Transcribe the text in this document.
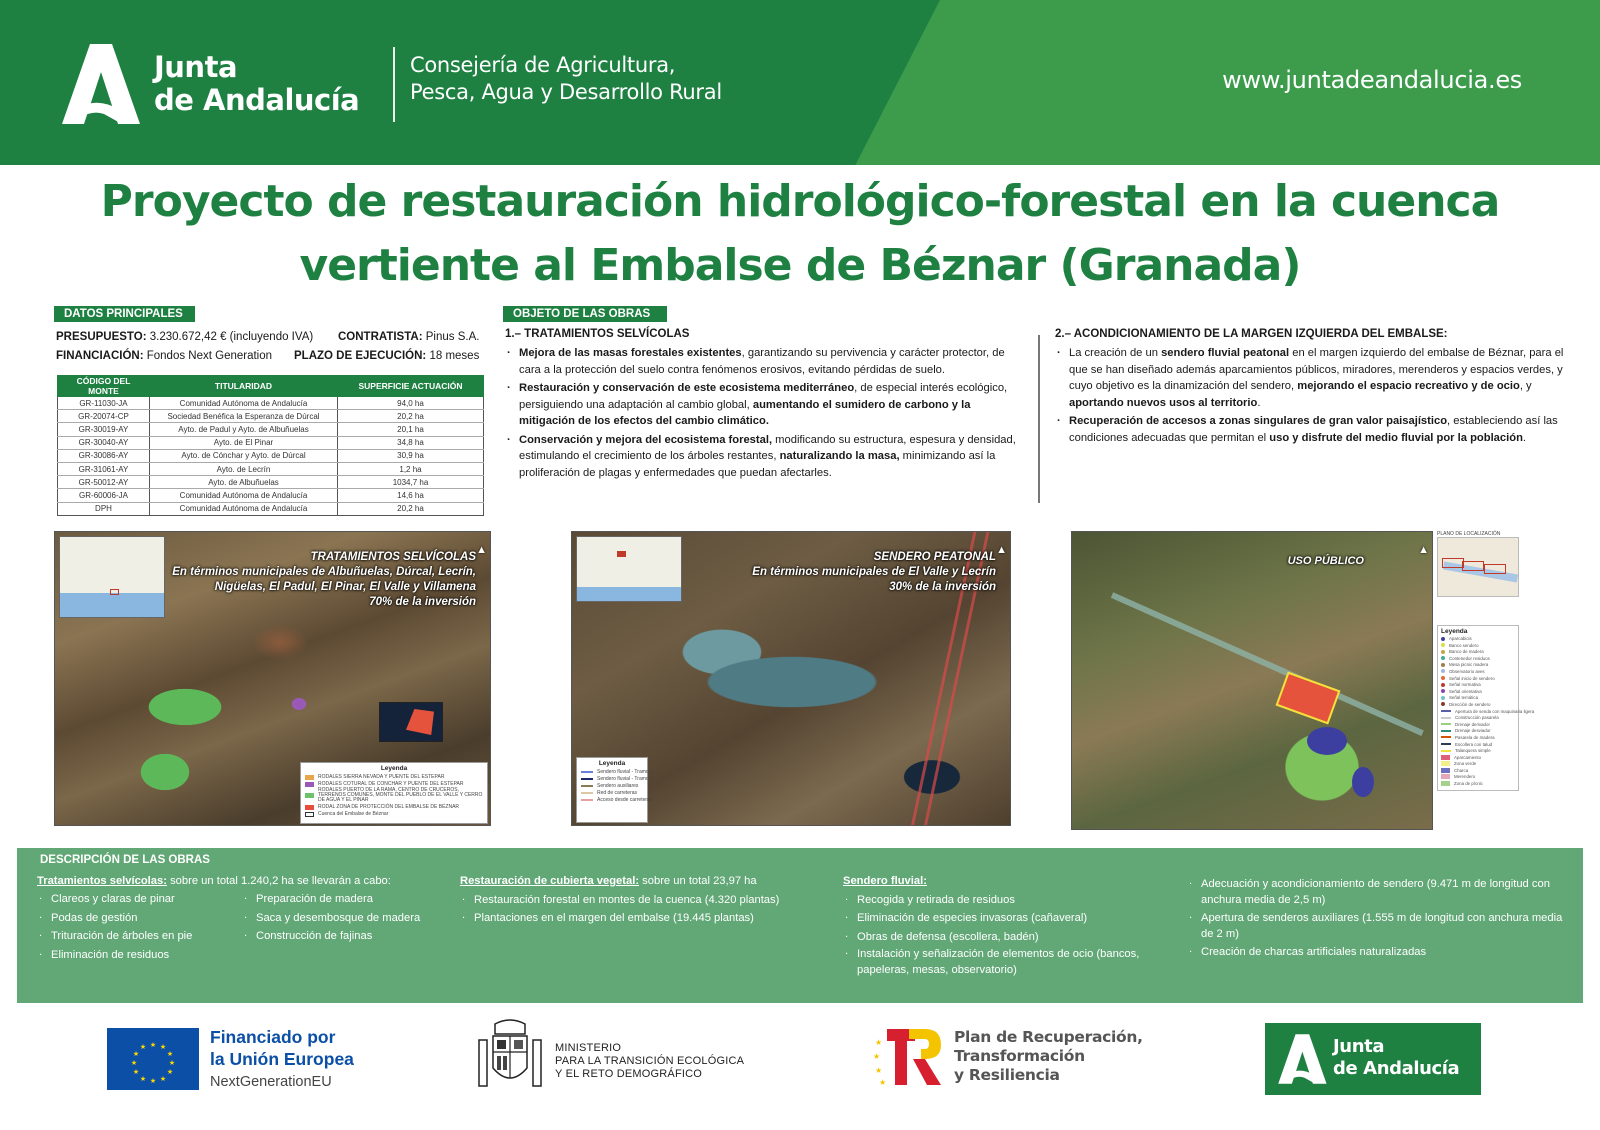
Junta
de Andalucía
Consejería de Agricultura,
Pesca, Agua y Desarrollo Rural	www.juntadeandalucia.es
Proyecto de restauración hidrológico-forestal en la cuenca
vertiente al Embalse de Béznar (Granada)
DATOS PRINCIPALES
PRESUPUESTO: 3.230.672,42 € (incluyendo IVA) CONTRATISTA: Pinus S.A.
FINANCIACIÓN: Fondos Next Generation PLAZO DE EJECUCIÓN: 18 meses
CÓDIGO DEL MONTE	TITULARIDAD	SUPERFICIE ACTUACIÓN
GR-11030-JA	Comunidad Autónoma de Andalucía	94,0 ha
GR-20074-CP	Sociedad Benéfica la Esperanza de Dúrcal	20,2 ha
GR-30019-AY	Ayto. de Padul y Ayto. de Albuñuelas	20,1 ha
GR-30040-AY	Ayto. de El Pinar	34,8 ha
GR-30086-AY	Ayto. de Cónchar y Ayto. de Dúrcal	30,9 ha
GR-31061-AY	Ayto. de Lecrín	1,2 ha
GR-50012-AY	Ayto. de Albuñuelas	1034,7 ha
GR-60006-JA	Comunidad Autónoma de Andalucía	14,6 ha
DPH	Comunidad Autónoma de Andalucía	20,2 ha
OBJETO DE LAS OBRAS
1.– TRATAMIENTOS SELVÍCOLAS
. Mejora de las masas forestales existentes, garantizando su pervivencia y carácter protector, de cara a la protección del suelo contra fenómenos erosivos, evitando pérdidas de suelo.
. Restauración y conservación de este ecosistema mediterráneo, de especial interés ecológico, persiguiendo una adaptación al cambio global, aumentando el sumidero de carbono y la mitigación de los efectos del cambio climático.
. Conservación y mejora del ecosistema forestal, modificando su estructura, espesura y densidad, estimulando el crecimiento de los árboles restantes, naturalizando la masa, minimizando así la proliferación de plagas y enfermedades que puedan afectarles.
2.– ACONDICIONAMIENTO DE LA MARGEN IZQUIERDA DEL EMBALSE:
. La creación de un sendero fluvial peatonal en el margen izquierdo del embalse de Béznar, para el que se han diseñado además aparcamientos públicos, miradores, merenderos y espacios verdes, y cuyo objetivo es la dinamización del sendero, mejorando el espacio recreativo y de ocio, y aportando nuevos usos al territorio.
. Recuperación de accesos a zonas singulares de gran valor paisajístico, estableciendo así las condiciones adecuadas que permitan el uso y disfrute del medio fluvial por la población.
▲
TRATAMIENTOS SELVÍCOLAS
En términos municipales de Albuñuelas, Dúrcal, Lecrín,
Nigüelas, El Padul, El Pinar, El Valle y Villamena
70% de la inversión
Leyenda
RODALES SIERRA NEVADA Y PUENTE DEL ESTEPAR
RODALES COTURAL DE CONCHAR Y PUENTE DEL ESTEPAR
RODALES PUERTO DE LA RAMA, CENTRO DE CRUCEROS, TERRENOS COMUNES, MONTE DEL PUEBLO DE EL VALLE Y CERRO DE AGUA Y EL PINAR
RODAL ZONA DE PROTECCIÓN DEL EMBALSE DE BÉZNAR
Cuenca del Embalse de Béznar
▲
SENDERO PEATONAL
En términos municipales de El Valle y Lecrín
30% de la inversión
Leyenda
Sendero fluvial - Tramo 1
Sendero fluvial - Tramo 2
Sendero auxiliares
Red de carreteras
Acceso desde carreteras
▲
USO PÚBLICO
PLANO DE LOCALIZACIÓN
Leyenda
Aparcabicis
Banco sendero
Banco de madera
Contenedor residuos
Mesa picnic madera
Observatorio aves
Señal inicio de sendero
Señal normativa
Señal orientativa
Señal temática
Dirección de sendero
Apertura de senda con maquinaria ligera
Construcción pasarela
Drenaje derivador
Drenaje desviador
Pasarela de madera
Escollera con talud
Talanquera simple
Aparcamiento
Zona verde
Charca
Merendero
Zona de pícnic
DESCRIPCIÓN DE LAS OBRAS
Tratamientos selvícolas: sobre un total 1.240,2 ha se llevarán a cabo:
. Clareos y claras de pinar
. Podas de gestión
. Trituración de árboles en pie
. Eliminación de residuos
. Preparación de madera
. Saca y desembosque de madera
. Construcción de fajinas
Restauración de cubierta vegetal: sobre un total 23,97 ha
. Restauración forestal en montes de la cuenca (4.320 plantas)
. Plantaciones en el margen del embalse (19.445 plantas)
Sendero fluvial:
. Recogida y retirada de residuos
. Eliminación de especies invasoras (cañaveral)
. Obras de defensa (escollera, badén)
. Instalación y señalización de elementos de ocio (bancos, papeleras, mesas, observatorio)
. Adecuación y acondicionamiento de sendero (9.471 m de longitud con anchura media de 2,5 m)
. Apertura de senderos auxiliares (1.555 m de longitud con anchura media de 2 m)
. Creación de charcas artificiales naturalizadas
★ ★
★
★
★
★
★
★
★
★
★
★	Financiado por
la Unión Europea
NextGenerationEU
MINISTERIO
PARA LA TRANSICIÓN ECOLÓGICA
Y EL RETO DEMOGRÁFICO
★
★
★
★
Plan de Recuperación,
Transformación
y Resiliencia
Junta
de Andalucía
